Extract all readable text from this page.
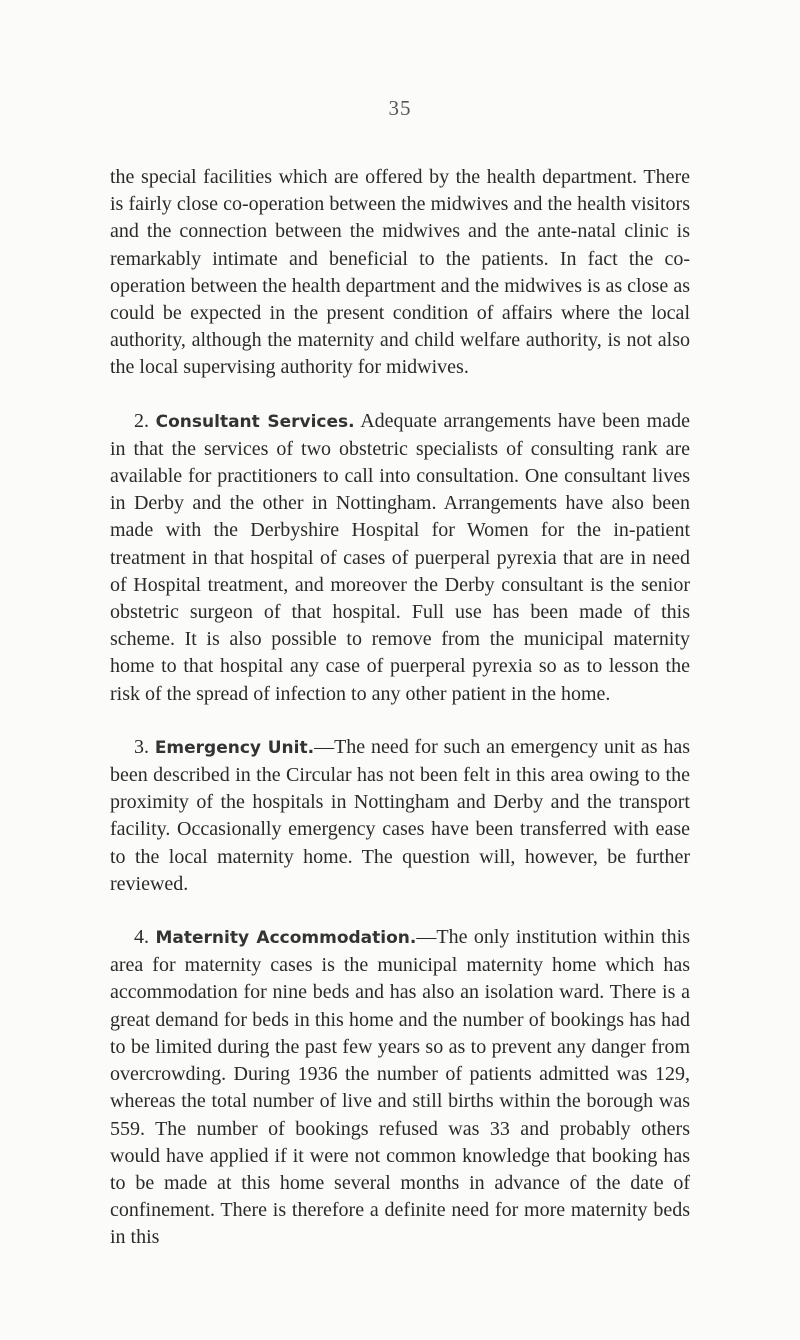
35

the special facilities which are offered by the health department. There is fairly close co-operation between the midwives and the health visitors and the connection between the midwives and the ante-natal clinic is remarkably intimate and beneficial to the patients. In fact the co-operation between the health department and the midwives is as close as could be expected in the present condition of affairs where the local authority, although the maternity and child welfare authority, is not also the local supervising authority for midwives.

2. Consultant Services. Adequate arrangements have been made in that the services of two obstetric specialists of consulting rank are available for practitioners to call into consultation. One consultant lives in Derby and the other in Nottingham. Arrangements have also been made with the Derbyshire Hospital for Women for the in-patient treatment in that hospital of cases of puerperal pyrexia that are in need of Hospital treatment, and moreover the Derby consultant is the senior obstetric surgeon of that hospital. Full use has been made of this scheme. It is also possible to remove from the municipal maternity home to that hospital any case of puerperal pyrexia so as to lesson the risk of the spread of infection to any other patient in the home.

3. Emergency Unit.—The need for such an emergency unit as has been described in the Circular has not been felt in this area owing to the proximity of the hospitals in Nottingham and Derby and the transport facility. Occasionally emergency cases have been transferred with ease to the local maternity home. The question will, however, be further reviewed.

4. Maternity Accommodation.—The only institution within this area for maternity cases is the municipal maternity home which has accommodation for nine beds and has also an isolation ward. There is a great demand for beds in this home and the number of bookings has had to be limited during the past few years so as to prevent any danger from overcrowding. During 1936 the number of patients admitted was 129, whereas the total number of live and still births within the borough was 559. The number of bookings refused was 33 and probably others would have applied if it were not common knowledge that booking has to be made at this home several months in advance of the date of confinement. There is therefore a definite need for more maternity beds in this
